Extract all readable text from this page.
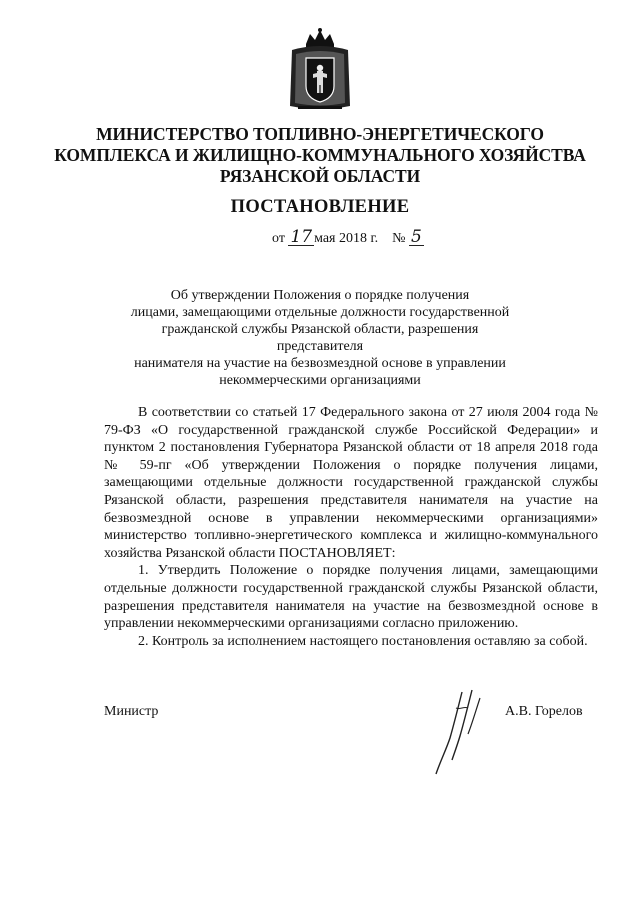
МИНИСТЕРСТВО ТОПЛИВНО-ЭНЕРГЕТИЧЕСКОГО
КОМПЛЕКСА И ЖИЛИЩНО-КОММУНАЛЬНОГО ХОЗЯЙСТВА
РЯЗАНСКОЙ ОБЛАСТИ
ПОСТАНОВЛЕНИЕ
от 17 мая 2018 г. № 5
Об утверждении Положения о порядке получения
лицами, замещающими отдельные должности государственной
гражданской службы Рязанской области, разрешения представителя
нанимателя на участие на безвозмездной основе в управлении
некоммерческими организациями

В соответствии со статьей 17 Федерального закона от 27 июля 2004 года № 79-ФЗ «О государственной гражданской службе Российской Федерации» и пунктом 2 постановления Губернатора Рязанской области от 18 апреля 2018 года № 59-пг «Об утверждении Положения о порядке получения лицами, замещающими отдельные должности государственной гражданской службы Рязанской области, разрешения представителя нанимателя на участие на безвозмездной основе в управлении некоммерческими организациями» министерство топливно-энергетического комплекса и жилищно-коммунального хозяйства Рязанской области ПОСТАНОВЛЯЕТ:

1. Утвердить Положение о порядке получения лицами, замещающими отдельные должности государственной гражданской службы Рязанской области, разрешения представителя нанимателя на участие на безвозмездной основе в управлении некоммерческими организациями согласно приложению.

2. Контроль за исполнением настоящего постановления оставляю за собой.

Министр	А.В. Горелов
